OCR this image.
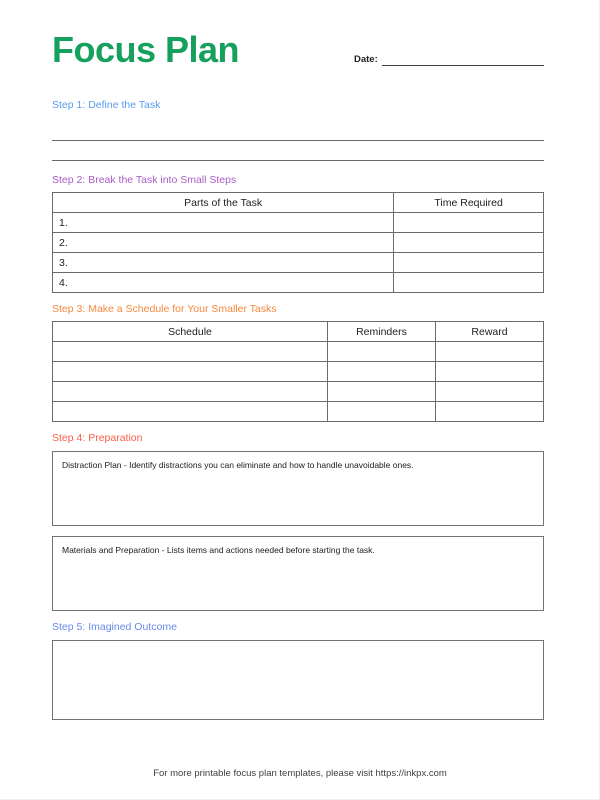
Focus Plan	Date:

Step 1: Define the Task

Step 2: Break the Task into Small Steps

Parts of the Task	Time Required
1.	
2.	
3.	
4.	

Step 3: Make a Schedule for Your Smaller Tasks

Schedule	Reminders	Reward

Step 4: Preparation

Distraction Plan - Identify distractions you can eliminate and how to handle unavoidable ones.
Materials and Preparation - Lists items and actions needed before starting the task.

Step 5: Imagined Outcome

For more printable focus plan templates, please visit https://inkpx.com
